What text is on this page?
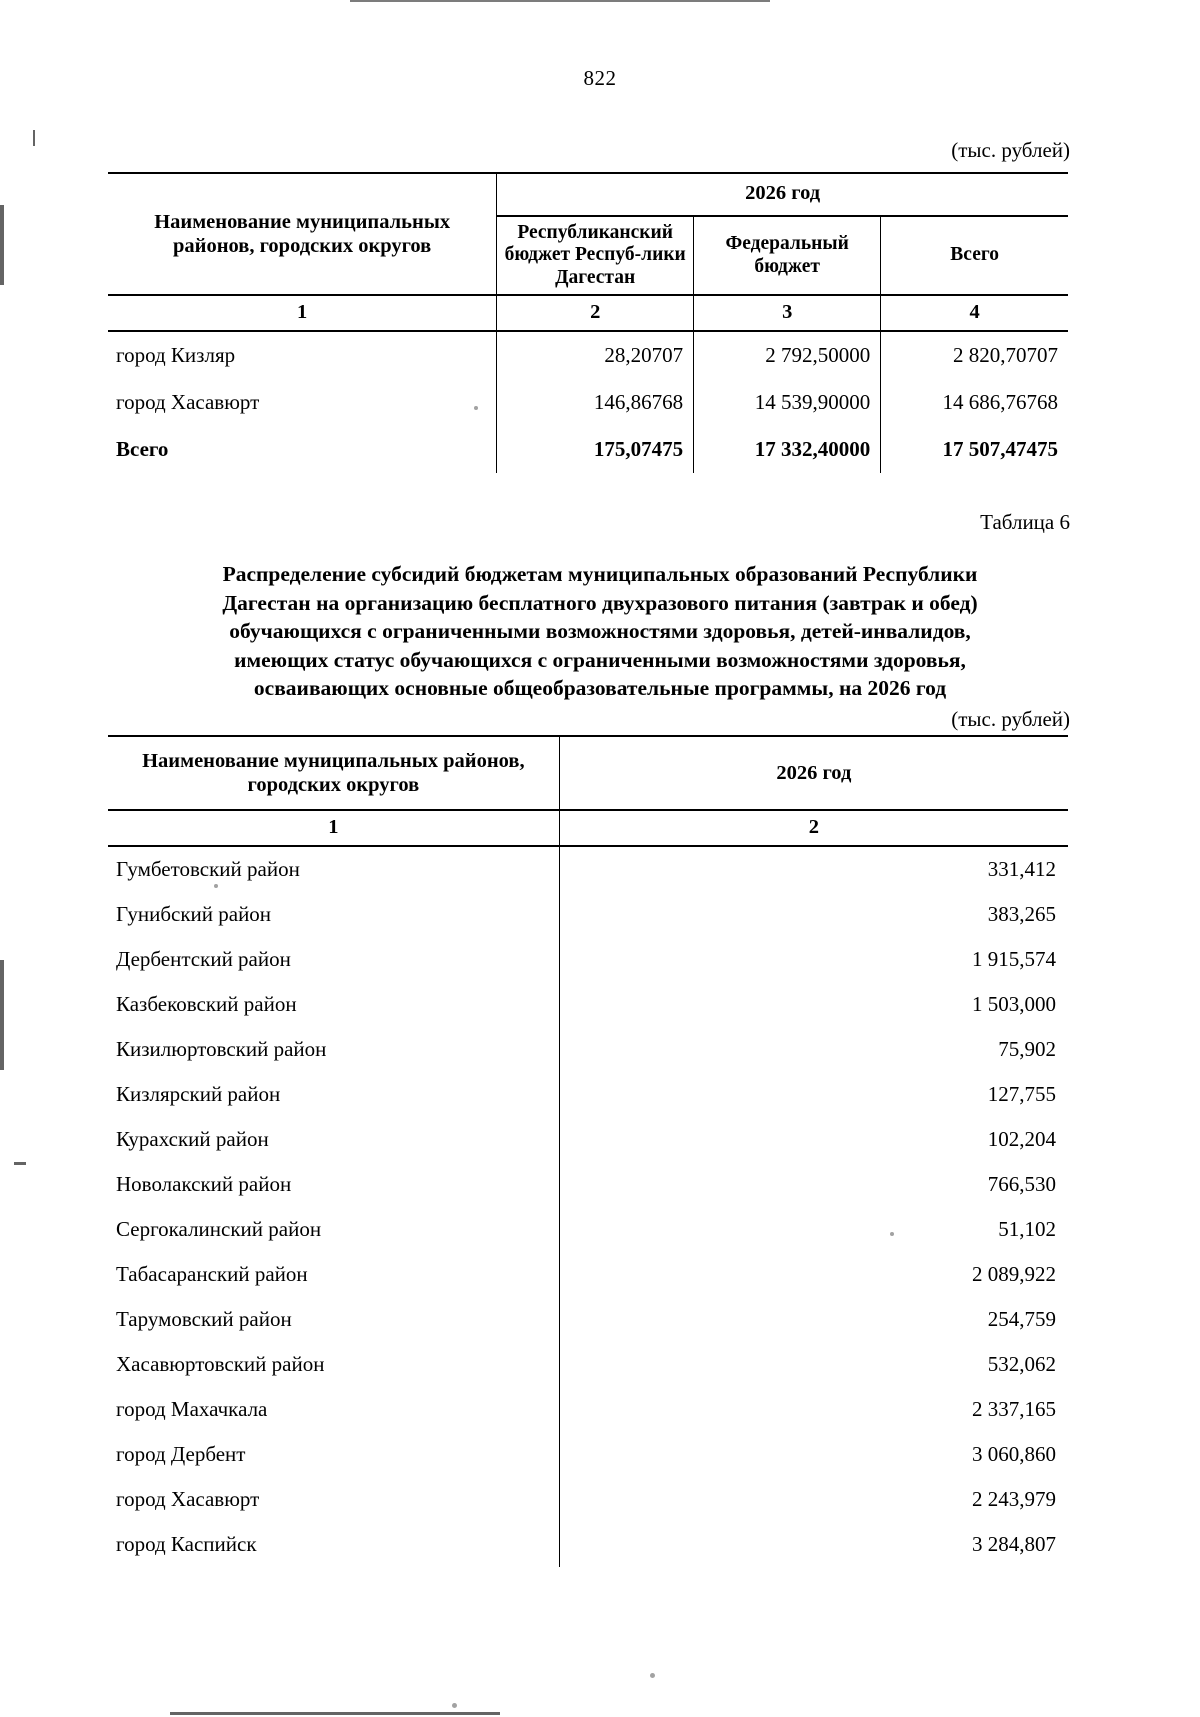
822
(тыс. рублей)
Наименование муниципальных районов, городских округов	2026 год		
	Республиканский бюджет Респуб-лики Дагестан	Федеральный бюджет	Всего
1	2	3	4
город Кизляр	28,20707	2 792,50000	2 820,70707
город Хасавюрт	146,86768	14 539,90000	14 686,76768
Всего	175,07475	17 332,40000	17 507,47475
Таблица 6
Распределение субсидий бюджетам муниципальных образований Республики
Дагестан на организацию бесплатного двухразового питания (завтрак и обед)
обучающихся с ограниченными возможностями здоровья, детей-инвалидов,
имеющих статус обучающихся с ограниченными возможностями здоровья,
осваивающих основные общеобразовательные программы, на 2026 год
(тыс. рублей)
Наименование муниципальных районов, городских округов	2026 год
1	2
Гумбетовский район	331,412
Гунибский район	383,265
Дербентский район	1 915,574
Казбековский район	1 503,000
Кизилюртовский район	75,902
Кизлярский район	127,755
Курахский район	102,204
Новолакский район	766,530
Сергокалинский район	51,102
Табасаранский район	2 089,922
Тарумовский район	254,759
Хасавюртовский район	532,062
город Махачкала	2 337,165
город Дербент	3 060,860
город Хасавюрт	2 243,979
город Каспийск	3 284,807
